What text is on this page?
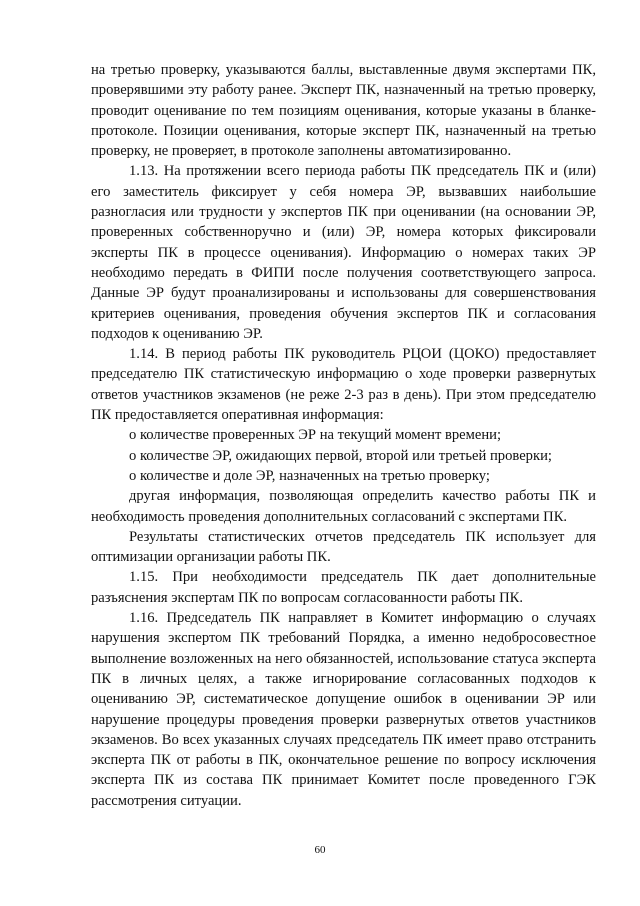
на третью проверку, указываются баллы, выставленные двумя экспертами ПК, проверявшими эту работу ранее. Эксперт ПК, назначенный на третью проверку, проводит оценивание по тем позициям оценивания, которые указаны в бланке-протоколе. Позиции оценивания, которые эксперт ПК, назначенный на третью проверку, не проверяет, в протоколе заполнены автоматизированно.

1.13. На протяжении всего периода работы ПК председатель ПК и (или) его заместитель фиксирует у себя номера ЭР, вызвавших наибольшие разногласия или трудности у экспертов ПК при оценивании (на основании ЭР, проверенных собственноручно и (или) ЭР, номера которых фиксировали эксперты ПК в процессе оценивания). Информацию о номерах таких ЭР необходимо передать в ФИПИ после получения соответствующего запроса. Данные ЭР будут проанализированы и использованы для совершенствования критериев оценивания, проведения обучения экспертов ПК и согласования подходов к оцениванию ЭР.

1.14. В период работы ПК руководитель РЦОИ (ЦОКО) предоставляет председателю ПК статистическую информацию о ходе проверки развернутых ответов участников экзаменов (не реже 2-3 раз в день). При этом председателю ПК предоставляется оперативная информация:

о количестве проверенных ЭР на текущий момент времени;

о количестве ЭР, ожидающих первой, второй или третьей проверки;

о количестве и доле ЭР, назначенных на третью проверку;

другая информация, позволяющая определить качество работы ПК и необходимость проведения дополнительных согласований с экспертами ПК.

Результаты статистических отчетов председатель ПК использует для оптимизации организации работы ПК.

1.15. При необходимости председатель ПК дает дополнительные разъяснения экспертам ПК по вопросам согласованности работы ПК.

1.16. Председатель ПК направляет в Комитет информацию о случаях нарушения экспертом ПК требований Порядка, а именно недобросовестное выполнение возложенных на него обязанностей, использование статуса эксперта ПК в личных целях, а также игнорирование согласованных подходов к оцениванию ЭР, систематическое допущение ошибок в оценивании ЭР или нарушение процедуры проведения проверки развернутых ответов участников экзаменов. Во всех указанных случаях председатель ПК имеет право отстранить эксперта ПК от работы в ПК, окончательное решение по вопросу исключения эксперта ПК из состава ПК принимает Комитет после проведенного ГЭК рассмотрения ситуации.

60
